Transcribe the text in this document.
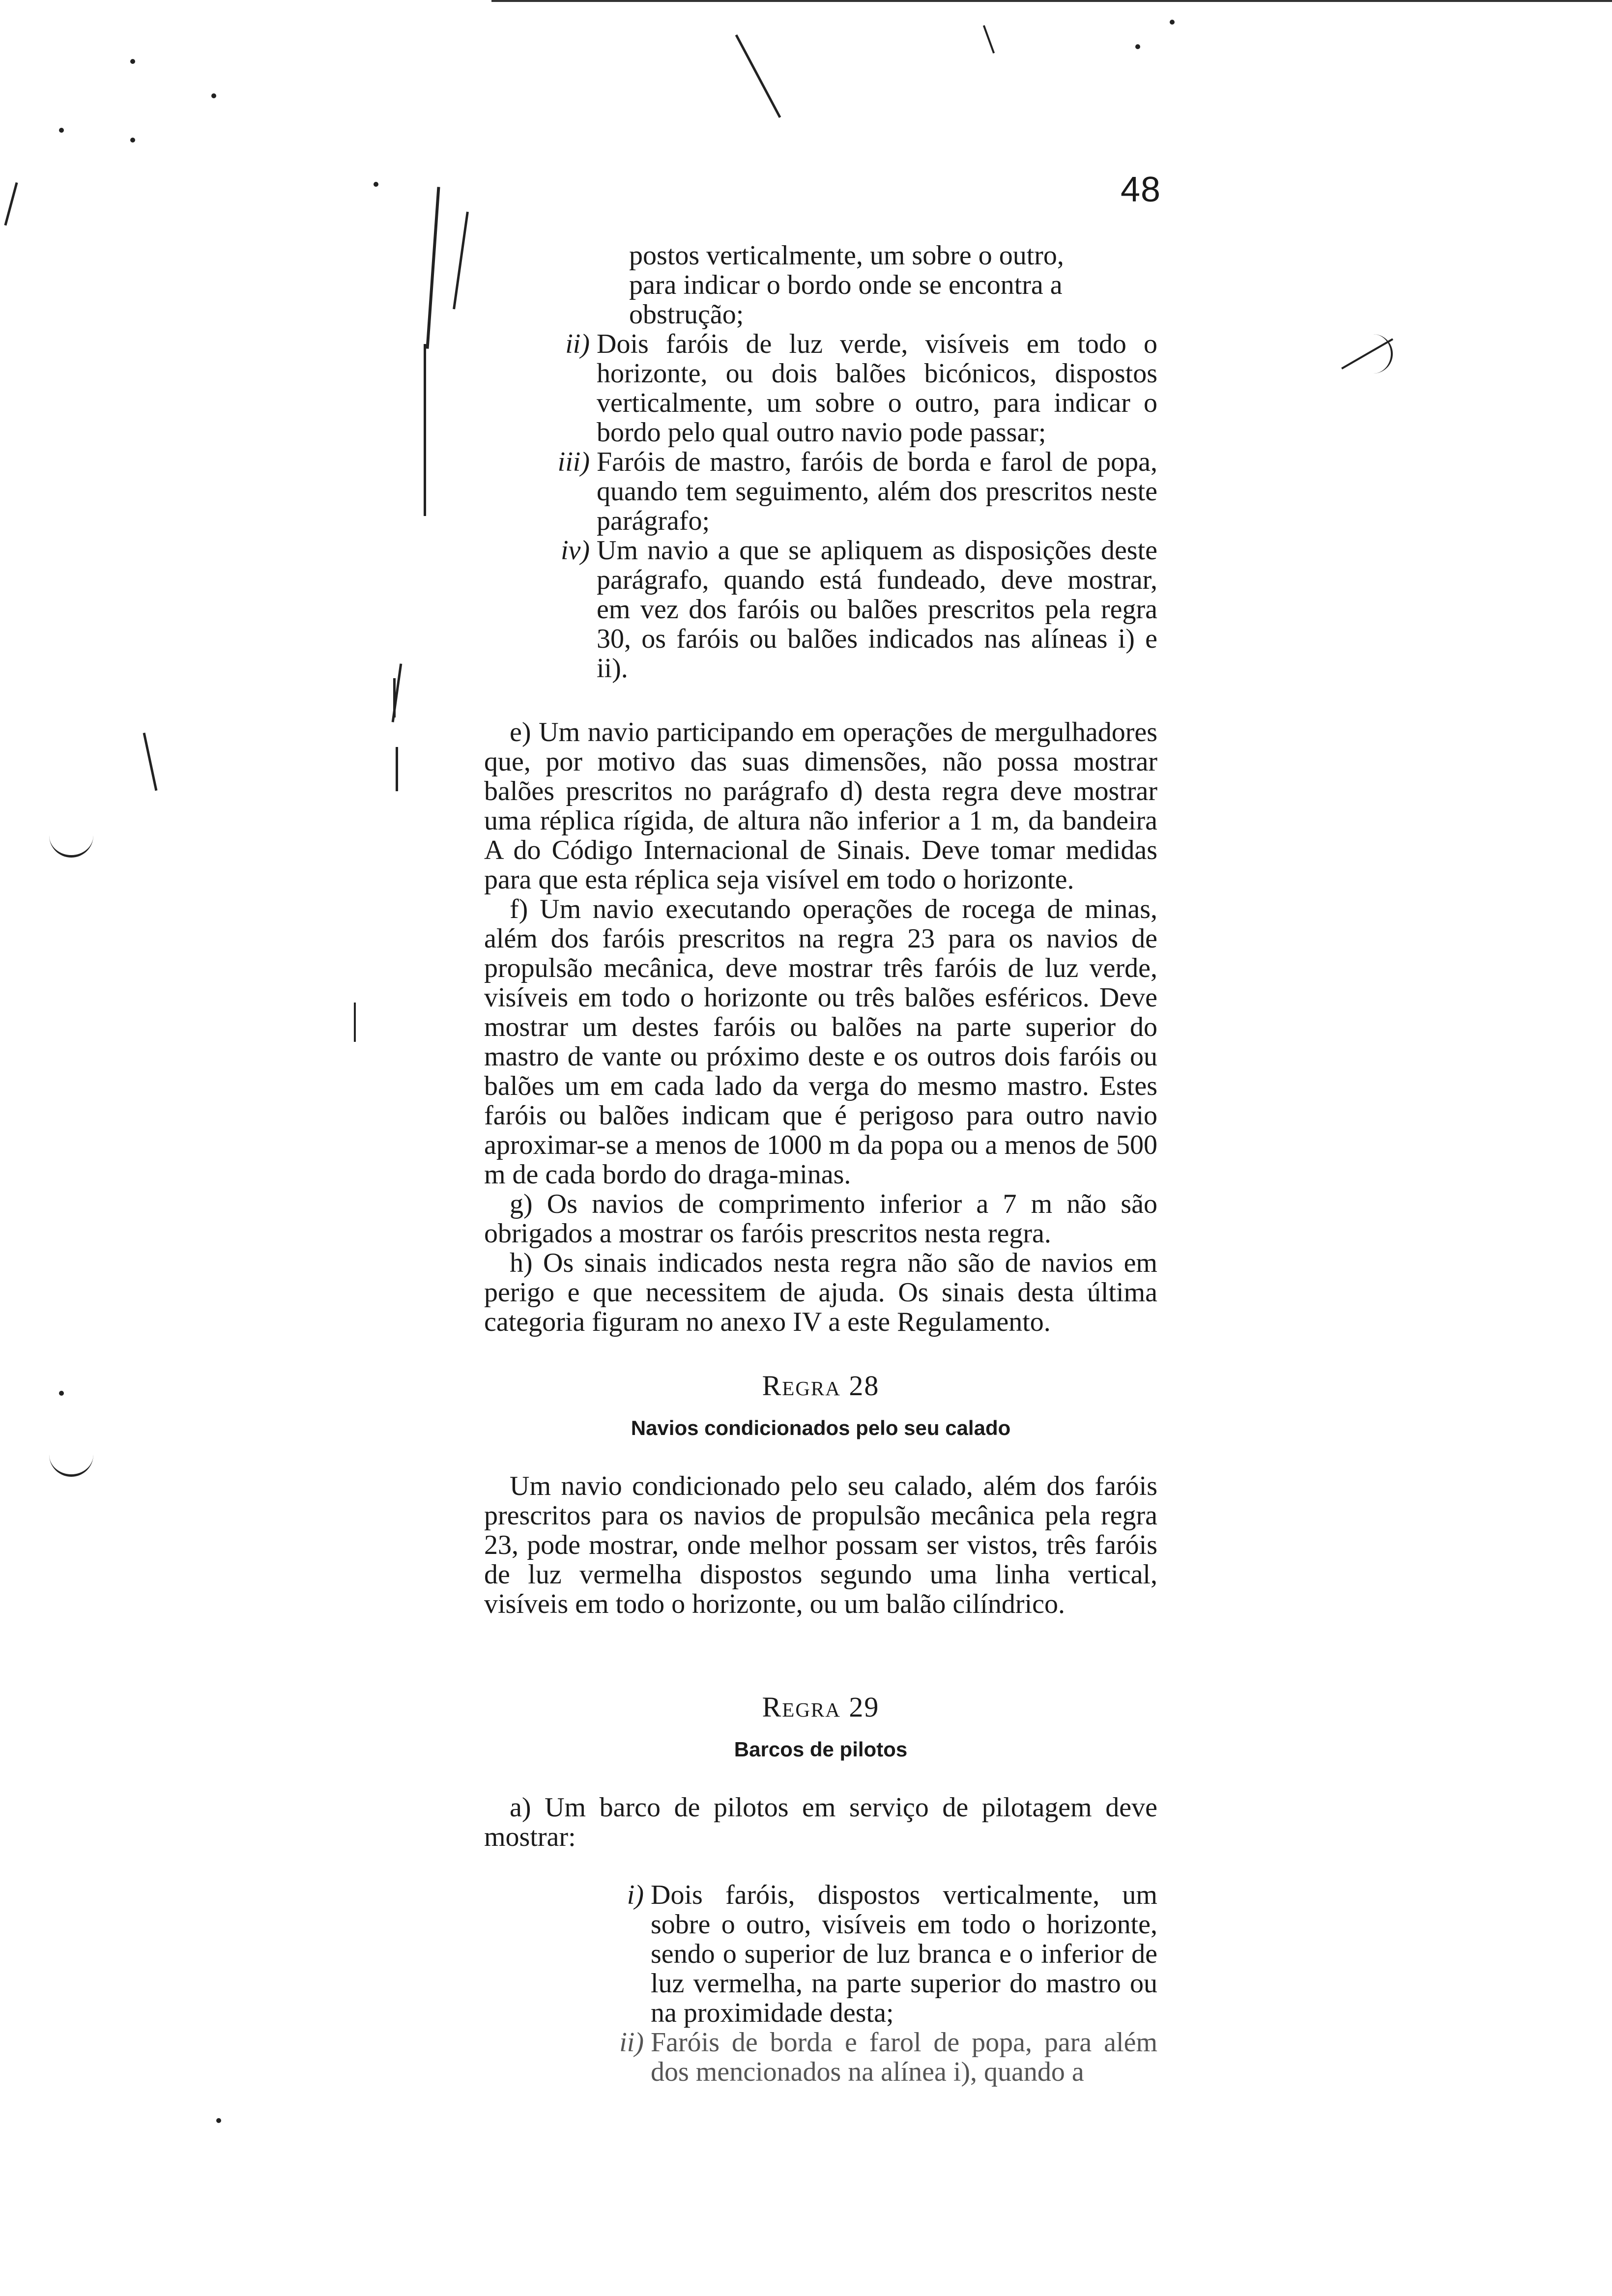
48

postos verticalmente, um sobre o outro,

para indicar o bordo onde se encontra a

obstrução;

ii) Dois faróis de luz verde, visíveis em todo o horizonte, ou dois balões bicónicos, dispostos verticalmente, um sobre o outro, para indicar o bordo pelo qual outro navio pode passar;
iii) Faróis de mastro, faróis de borda e farol de popa, quando tem seguimento, além dos prescritos neste parágrafo;
iv) Um navio a que se apliquem as disposições deste parágrafo, quando está fundeado, deve mostrar, em vez dos faróis ou balões prescritos pela regra 30, os faróis ou balões indicados nas alíneas i) e ii).

e) Um navio participando em operações de mergulhadores que, por motivo das suas dimensões, não possa mostrar balões prescritos no parágrafo d) desta regra deve mostrar uma réplica rígida, de altura não inferior a 1 m, da bandeira A do Código Internacional de Sinais. Deve tomar medidas para que esta réplica seja visível em todo o horizonte.

f) Um navio executando operações de rocega de minas, além dos faróis prescritos na regra 23 para os navios de propulsão mecânica, deve mostrar três faróis de luz verde, visíveis em todo o horizonte ou três balões esféricos. Deve mostrar um destes faróis ou balões na parte superior do mastro de vante ou próximo deste e os outros dois faróis ou balões um em cada lado da verga do mesmo mastro. Estes faróis ou balões indicam que é perigoso para outro navio aproximar-se a menos de 1000 m da popa ou a menos de 500 m de cada bordo do draga-minas.

g) Os navios de comprimento inferior a 7 m não são obrigados a mostrar os faróis prescritos nesta regra.

h) Os sinais indicados nesta regra não são de navios em perigo e que necessitem de ajuda. Os sinais desta última categoria figuram no anexo IV a este Regulamento.

Regra 28

Navios condicionados pelo seu calado

Um navio condicionado pelo seu calado, além dos faróis prescritos para os navios de propulsão mecânica pela regra 23, pode mostrar, onde melhor possam ser vistos, três faróis de luz vermelha dispostos segundo uma linha vertical, visíveis em todo o horizonte, ou um balão cilíndrico.

Regra 29

Barcos de pilotos

a) Um barco de pilotos em serviço de pilotagem deve mostrar:

i) Dois faróis, dispostos verticalmente, um sobre o outro, visíveis em todo o horizonte, sendo o superior de luz branca e o inferior de luz vermelha, na parte superior do mastro ou na proximidade desta;
ii) Faróis de borda e farol de popa, para além dos mencionados na alínea i), quando a
